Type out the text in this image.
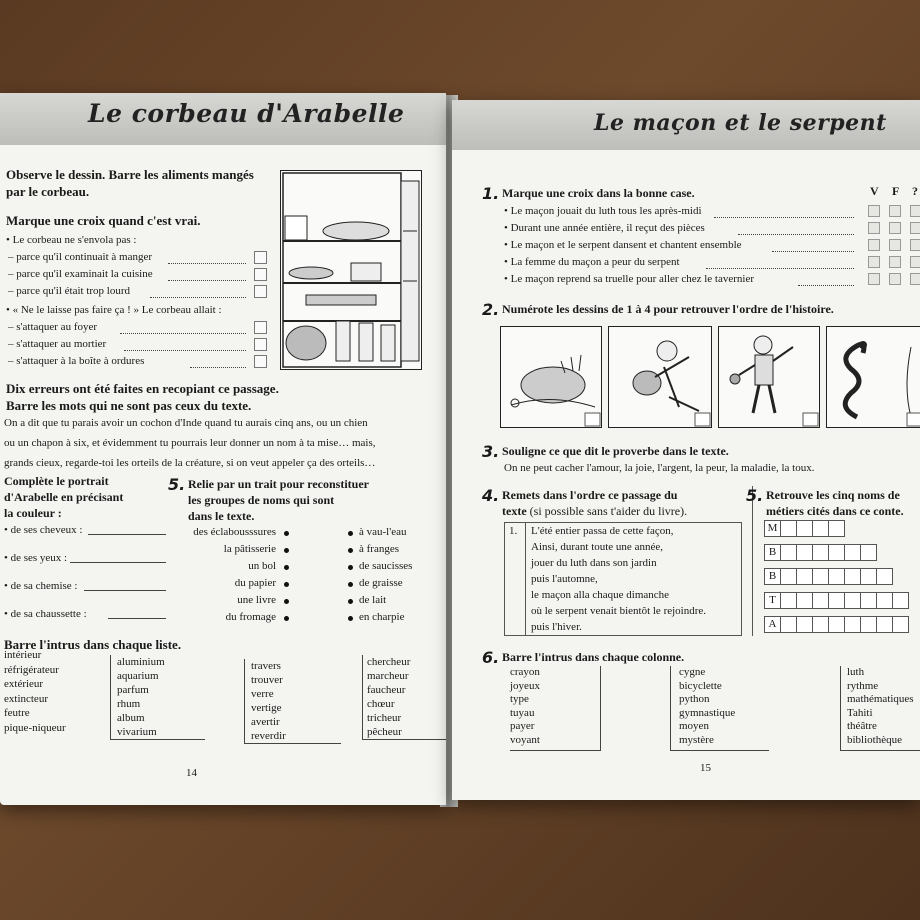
Le corbeau d'Arabelle
Observe le dessin. Barre les aliments mangés
par le corbeau.
Marque une croix quand c'est vrai.
• Le corbeau ne s'envola pas :
– parce qu'il continuait à manger
– parce qu'il examinait la cuisine
– parce qu'il était trop lourd
• « Ne le laisse pas faire ça ! » Le corbeau allait :
– s'attaquer au foyer
– s'attaquer au mortier
– s'attaquer à la boîte à ordures
Dix erreurs ont été faites en recopiant ce passage.
Barre les mots qui ne sont pas ceux du texte.
On a dit que tu parais avoir un cochon d'Inde quand tu aurais cinq ans, ou un chien
ou un chapon à six, et évidemment tu pourrais leur donner un nom à ta mise… mais,
grands cieux, regarde-toi les orteils de la créature, si on veut appeler ça des orteils…
Complète le portrait
d'Arabelle en précisant
la couleur :
• de ses cheveux :
• de ses yeux :
• de sa chemise :
• de sa chaussette :
5. Relie par un trait pour reconstituer
les groupes de noms qui sont
dans le texte.
des éclabousssures
la pâtisserie
un bol
du papier
une livre
du fromage
à vau-l'eau
à franges
de saucisses
de graisse
de lait
en charpie
Barre l'intrus dans chaque liste.
intérieur
réfrigérateur
extérieur
extincteur
feutre
pique-niqueur
aluminium
aquarium
parfum
rhum
album
vivarium
travers
trouver
verre
vertige
avertir
reverdir
chercheur
marcheur
faucheur
chœur
tricheur
pêcheur
14
Le maçon et le serpent
1. Marque une croix dans la bonne case.	V F ?
• Le maçon jouait du luth tous les après-midi
• Durant une année entière, il reçut des pièces
• Le maçon et le serpent dansent et chantent ensemble
• La femme du maçon a peur du serpent
• Le maçon reprend sa truelle pour aller chez le tavernier
2. Numérote les dessins de 1 à 4 pour retrouver l'ordre de l'histoire.
3. Souligne ce que dit le proverbe dans le texte.
On ne peut cacher l'amour, la joie, l'argent, la peur, la maladie, la toux.
4. Remets dans l'ordre ce passage du
texte (si possible sans t'aider du livre).
1. L'été entier passa de cette façon,
Ainsi, durant toute une année,
jouer du luth dans son jardin
puis l'automne,
le maçon alla chaque dimanche
où le serpent venait bientôt le rejoindre.
puis l'hiver.
5. Retrouve les cinq noms de
métiers cités dans ce conte.
M
B
B
T
A
6. Barre l'intrus dans chaque colonne.
crayon
joyeux
type
tuyau
payer
voyant
cygne
bicyclette
python
gymnastique
moyen
mystère
luth
rythme
mathématiques
Tahiti
théâtre
bibliothèque
15
